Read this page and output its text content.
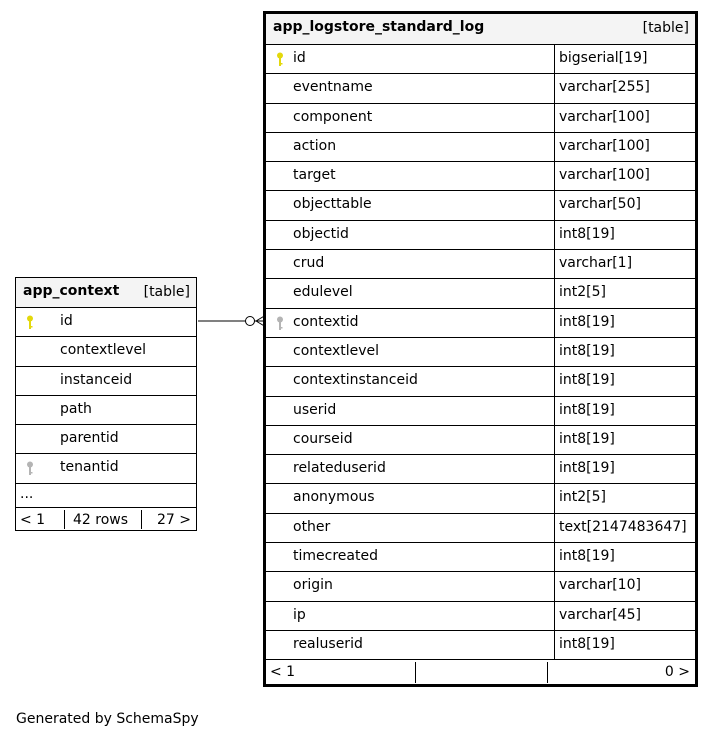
app_context [table]
id
contextlevel
instanceid
path
parentid
tenantid
...
< 1 42 rows 27 >
app_logstore_standard_log	[table]
id	bigserial[19]
eventname	varchar[255]
component	varchar[100]
action	varchar[100]
target	varchar[100]
objecttable	varchar[50]
objectid	int8[19]
crud	varchar[1]
edulevel	int2[5]
contextid	int8[19]
contextlevel	int8[19]
contextinstanceid	int8[19]
userid	int8[19]
courseid	int8[19]
relateduserid	int8[19]
anonymous	int2[5]
other	text[2147483647]
timecreated	int8[19]
origin	varchar[10]
ip	varchar[45]
realuserid	int8[19]
< 1	0 >
Generated by SchemaSpy
